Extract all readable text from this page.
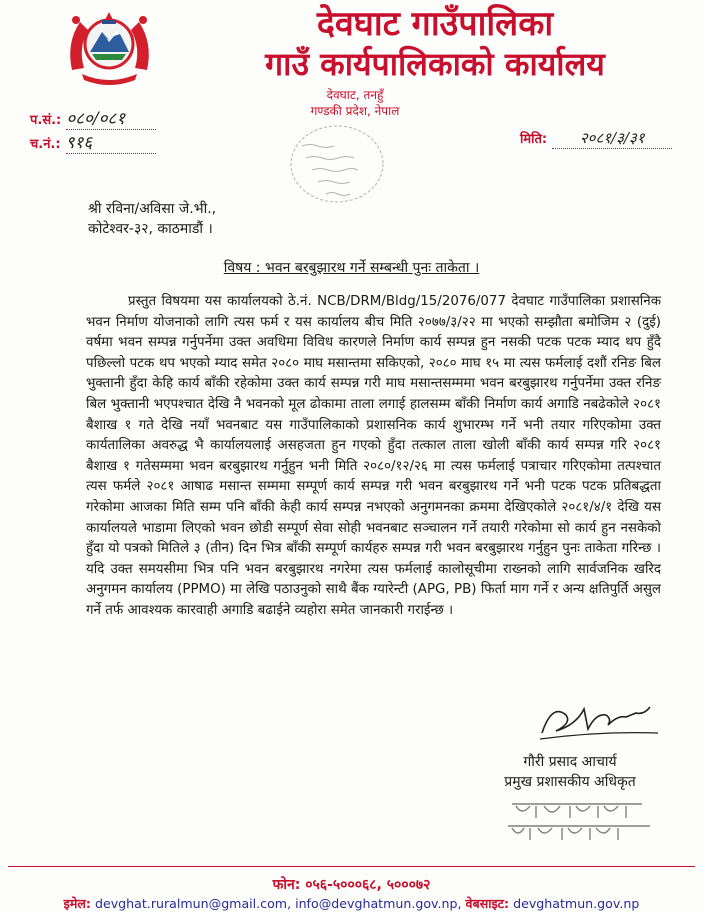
देवघाट गाउँपालिका
गाउँ कार्यपालिकाको कार्यालय
देवघाट, तनहुँ
गण्डकी प्रदेश, नेपाल
प.सं.: ०८०/०८१
च.नं.: ९१६	मिति: २०८१/३/३१
श्री रविना/अविसा जे.भी.,
कोटेश्वर-३२, काठमाडौं ।
विषय : भवन बरबुझारथ गर्ने सम्बन्धी पुनः ताकेता ।
प्रस्तुत विषयमा यस कार्यालयको ठे.नं. NCB/DRM/Bldg/15/2076/077 देवघाट गाउँपालिका प्रशासनिक भवन निर्माण योजनाको लागि त्यस फर्म र यस कार्यालय बीच मिति २०७७/३/२२ मा भएको सम्झौता बमोजिम २ (दुई) वर्षमा भवन सम्पन्न गर्नुपर्नेमा उक्त अवधिमा विविध कारणले निर्माण कार्य सम्पन्न हुन नसकी पटक पटक म्याद थप हुँदै पछिल्लो पटक थप भएको म्याद समेत २०८० माघ मसान्तमा सकिएको, २०८० माघ १५ मा त्यस फर्मलाई दशौं रनिङ बिल भुक्तानी हुँदा केहि कार्य बाँकी रहेकोमा उक्त कार्य सम्पन्न गरी माघ मसान्तसम्ममा भवन बरबुझारथ गर्नुपर्नेमा उक्त रनिङ बिल भुक्तानी भएपश्चात देखि नै भवनको मूल ढोकामा ताला लगाई हालसम्म बाँकी निर्माण कार्य अगाडि नबढेकोले २०८१ बैशाख १ गते देखि नयाँ भवनबाट यस गाउँपालिकाको प्रशासनिक कार्य शुभारम्भ गर्ने भनी तयार गरिएकोमा उक्त कार्यतालिका अवरुद्ध भै कार्यालयलाई असहजता हुन गएको हुँदा तत्काल ताला खोली बाँकी कार्य सम्पन्न गरि २०८१ बैशाख १ गतेसम्ममा भवन बरबुझारथ गर्नुहुन भनी मिति २०८०/१२/२६ मा त्यस फर्मलाई पत्राचार गरिएकोमा तत्पश्चात त्यस फर्मले २०८१ आषाढ मसान्त सम्ममा सम्पूर्ण कार्य सम्पन्न गरी भवन बरबुझारथ गर्ने भनी पटक पटक प्रतिबद्धता गरेकोमा आजका मिति सम्म पनि बाँकी केही कार्य सम्पन्न नभएको अनुगमनका क्रममा देखिएकोले २०८१/४/१ देखि यस कार्यालयले भाडामा लिएको भवन छोडी सम्पूर्ण सेवा सोही भवनबाट सञ्चालन गर्ने तयारी गरेकोमा सो कार्य हुन नसकेको हुँदा यो पत्रको मितिले ३ (तीन) दिन भित्र बाँकी सम्पूर्ण कार्यहरु सम्पन्न गरी भवन बरबुझारथ गर्नुहुन पुनः ताकेता गरिन्छ । यदि उक्त समयसीमा भित्र पनि भवन बरबुझारथ नगरेमा त्यस फर्मलाई कालोसूचीमा राख्नको लागि सार्वजनिक खरिद अनुगमन कार्यालय (PPMO) मा लेखि पठाउनुको साथै बैंक ग्यारेन्टी (APG, PB) फिर्ता माग गर्ने र अन्य क्षतिपुर्ति असुल गर्ने तर्फ आवश्यक कारवाही अगाडि बढाईने व्यहोरा समेत जानकारी गराईन्छ ।
गौरी प्रसाद आचार्य
प्रमुख प्रशासकीय अधिकृत
फोन: ०५६-५०००६८, ५०००७२
इमेल: devghat.ruralmun@gmail.com, info@devghatmun.gov.np, वेबसाइट: devghatmun.gov.np
